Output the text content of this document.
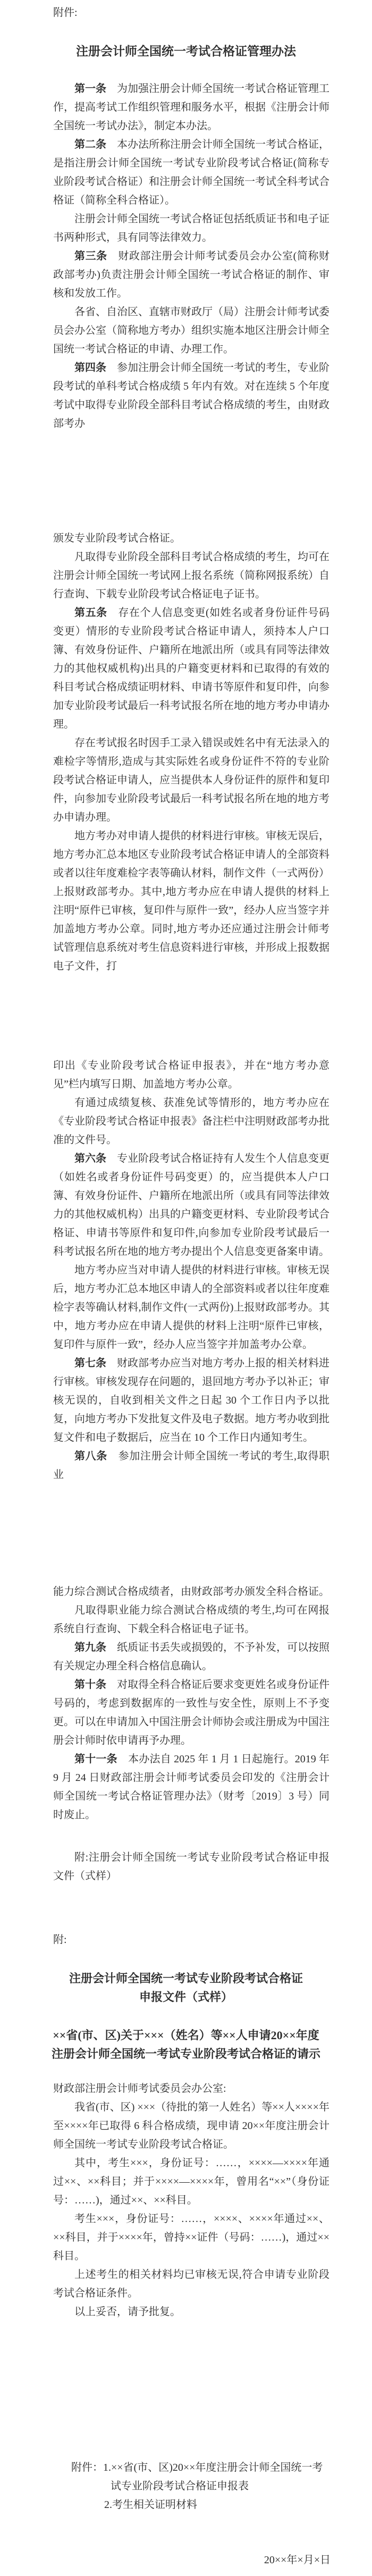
附件:
注册会计师全国统一考试合格证管理办法

第一条　为加强注册会计师全国统一考试合格证管理工作，提高考试工作组织管理和服务水平，根据《注册会计师全国统一考试办法》，制定本办法。

第二条　本办法所称注册会计师全国统一考试合格证，是指注册会计师全国统一考试专业阶段考试合格证(简称专业阶段考试合格证）和注册会计师全国统一考试全科考试合格证（简称全科合格证）。

注册会计师全国统一考试合格证包括纸质证书和电子证书两种形式，具有同等法律效力。

第三条　财政部注册会计师考试委员会办公室(简称财政部考办)负责注册会计师全国统一考试合格证的制作、审核和发放工作。

各省、自治区、直辖市财政厅（局）注册会计师考试委员会办公室（简称地方考办）组织实施本地区注册会计师全国统一考试合格证的申请、办理工作。

第四条　参加注册会计师全国统一考试的考生，专业阶段考试的单科考试合格成绩 5 年内有效。对在连续 5 个年度考试中取得专业阶段全部科目考试合格成绩的考生，由财政部考办

颁发专业阶段考试合格证。

凡取得专业阶段全部科目考试合格成绩的考生，均可在注册会计师全国统一考试网上报名系统（简称网报系统）自行查询、下载专业阶段考试合格证电子证书。

第五条　存在个人信息变更(如姓名或者身份证件号码变更）情形的专业阶段考试合格证申请人，须持本人户口簿、有效身份证件、户籍所在地派出所（或具有同等法律效力的其他权威机构)出具的户籍变更材料和已取得的有效的科目考试合格成绩证明材料、申请书等原件和复印件，向参加专业阶段考试最后一科考试报名所在地的地方考办申请办理。

存在考试报名时因手工录入错误或姓名中有无法录入的难检字等情形,造成与其实际姓名或身份证件不符的专业阶段考试合格证申请人，应当提供本人身份证件的原件和复印件，向参加专业阶段考试最后一科考试报名所在地的地方考办申请办理。

地方考办对申请人提供的材料进行审核。审核无误后，地方考办汇总本地区专业阶段考试合格证申请人的全部资料或者以往年度难检字表等确认材料，制作文件（一式两份）上报财政部考办。其中,地方考办应在申请人提供的材料上注明“原件已审核，复印件与原件一致”，经办人应当签字并加盖地方考办公章。同时,地方考办还应通过注册会计师考试管理信息系统对考生信息资料进行审核，并形成上报数据电子文件，打

印出《专业阶段考试合格证申报表》，并在“地方考办意见”栏内填写日期、加盖地方考办公章。

有通过成绩复核、获准免试等情形的，地方考办应在《专业阶段考试合格证申报表》备注栏中注明财政部考办批准的文件号。

第六条　专业阶段考试合格证持有人发生个人信息变更（如姓名或者身份证件号码变更）的，应当提供本人户口簿、有效身份证件、户籍所在地派出所（或具有同等法律效力的其他权威机构）出具的户籍变更材料、专业阶段考试合格证、申请书等原件和复印件,向参加专业阶段考试最后一科考试报名所在地的地方考办提出个人信息变更备案申请。

地方考办应当对申请人提供的材料进行审核。审核无误后，地方考办汇总本地区申请人的全部资料或者以往年度难检字表等确认材料,制作文件(一式两份)上报财政部考办。其中，地方考办应在申请人提供的材料上注明“原件已审核，复印件与原件一致”，经办人应当签字并加盖考办公章。

第七条　财政部考办应当对地方考办上报的相关材料进行审核。审核发现存在问题的，退回地方考办予以补正；审核无误的，自收到相关文件之日起 30 个工作日内予以批复，向地方考办下发批复文件及电子数据。地方考办收到批复文件和电子数据后，应当在 10 个工作日内通知考生。

第八条　参加注册会计师全国统一考试的考生,取得职业

能力综合测试合格成绩者，由财政部考办颁发全科合格证。

凡取得职业能力综合测试合格成绩的考生,均可在网报系统自行查询、下载全科合格证电子证书。

第九条　纸质证书丢失或损毁的，不予补发，可以按照有关规定办理全科合格信息确认。

第十条　对取得全科合格证后要求变更姓名或身份证件号码的，考虑到数据库的一致性与安全性，原则上不予变更。可以在申请加入中国注册会计师协会或注册成为中国注册会计师时依申请再予办理。

第十一条　本办法自 2025 年 1 月 1 日起施行。2019 年 9 月 24 日财政部注册会计师考试委员会印发的《注册会计师全国统一考试合格证管理办法》（财考〔2019〕3 号）同时废止。

附:注册会计师全国统一考试专业阶段考试合格证申报文件（式样）

附:
注册会计师全国统一考试专业阶段考试合格证
申报文件（式样）
××省(市、区)关于×××（姓名）等××人申请20××年度
注册会计师全国统一考试专业阶段考试合格证的请示

财政部注册会计师考试委员会办公室:

我省(市、区) ×××（待批的第一人姓名）等××人××××年至××××年已取得 6 科合格成绩，现申请 20××年度注册会计师全国统一考试专业阶段考试合格证。

其中，考生×××，身份证号：……，××××—××××年通过××、××科目；并于××××—××××年，曾用名“××”（身份证号：……)，通过××、××科目。

考生×××，身份证号：……，××××、××××年通过××、××科目，并于××××年，曾持××证件（号码：……)，通过××科目。

上述考生的相关材料均已审核无误,符合申请专业阶段考试合格证条件。

以上妥否，请予批复。

附件：1.××省(市、区)20××年度注册会计师全国统一考试专业阶段考试合格证申报表

2.考生相关证明材料

20××年×月×日
